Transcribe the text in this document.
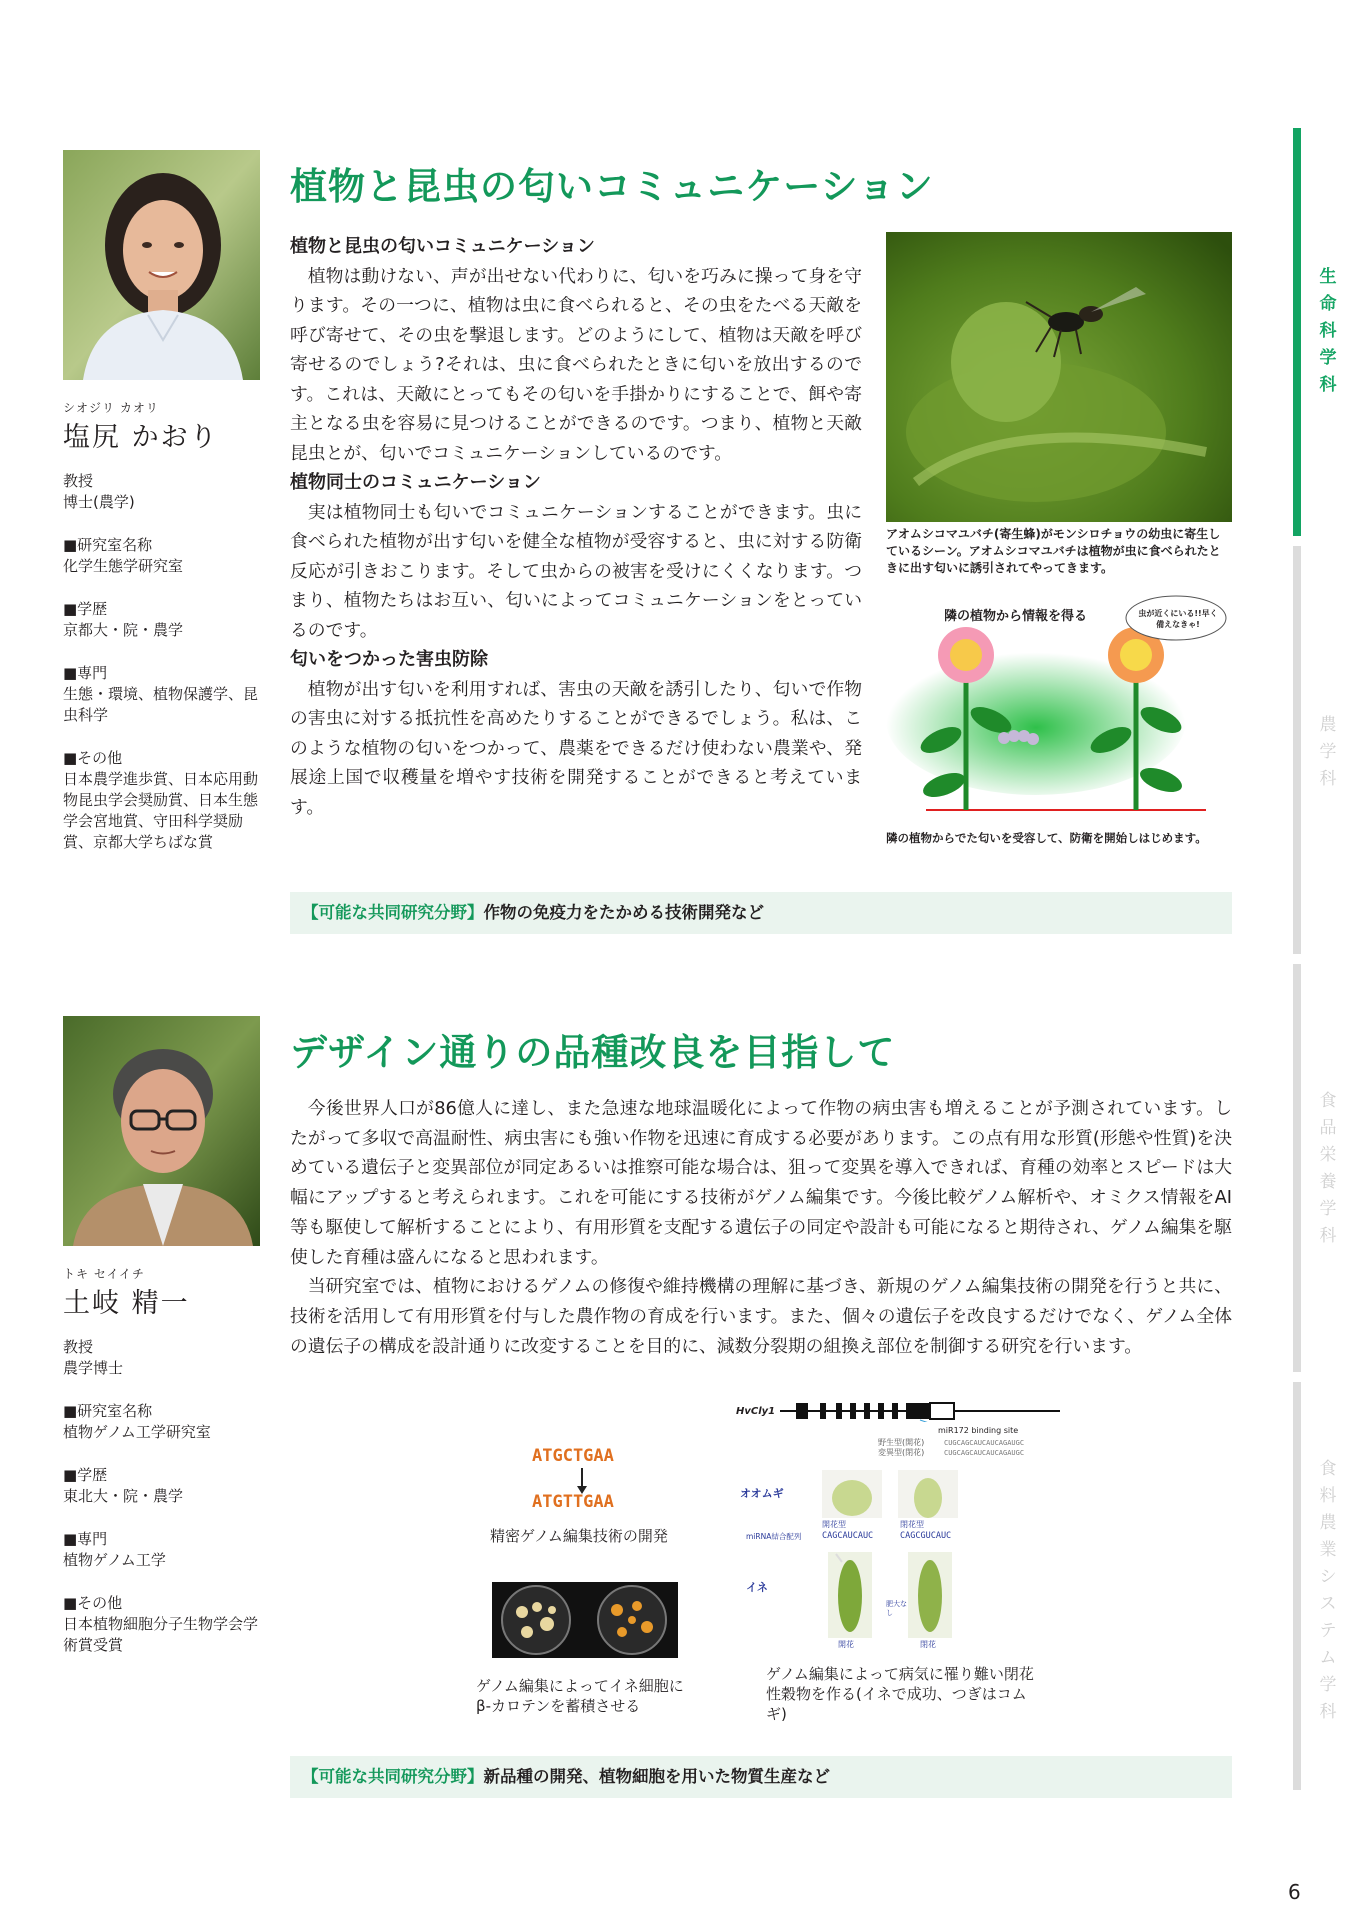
生命科学科
農学科
食品栄養学科
食料農業システム学科
シオジリ カオリ
塩尻 かおり
教授
博士(農学)
■研究室名称
化学生態学研究室
■学歴
京都大・院・農学
■専門
生態・環境、植物保護学、昆虫科学
■その他
日本農学進歩賞、日本応用動物昆虫学会奨励賞、日本生態学会宮地賞、守田科学奨励賞、京都大学ちばな賞
植物と昆虫の匂いコミュニケーション
植物と昆虫の匂いコミュニケーション

植物は動けない、声が出せない代わりに、匂いを巧みに操って身を守ります。その一つに、植物は虫に食べられると、その虫をたべる天敵を呼び寄せて、その虫を撃退します。どのようにして、植物は天敵を呼び寄せるのでしょう?それは、虫に食べられたときに匂いを放出するのです。これは、天敵にとってもその匂いを手掛かりにすることで、餌や寄主となる虫を容易に見つけることができるのです。つまり、植物と天敵昆虫とが、匂いでコミュニケーションしているのです。

植物同士のコミュニケーション

実は植物同士も匂いでコミュニケーションすることができます。虫に食べられた植物が出す匂いを健全な植物が受容すると、虫に対する防衛反応が引きおこります。そして虫からの被害を受けにくくなります。つまり、植物たちはお互い、匂いによってコミュニケーションをとっているのです。

匂いをつかった害虫防除

植物が出す匂いを利用すれば、害虫の天敵を誘引したり、匂いで作物の害虫に対する抵抗性を高めたりすることができるでしょう。私は、このような植物の匂いをつかって、農薬をできるだけ使わない農業や、発展途上国で収穫量を増やす技術を開発することができると考えています。

アオムシコマユバチ(寄生蜂)がモンシロチョウの幼虫に寄生しているシーン。アオムシコマユバチは植物が虫に食べられたときに出す匂いに誘引されてやってきます。
隣の植物から情報を得る	虫が近くにいる!!早く備えなきゃ!
隣の植物からでた匂いを受容して、防衛を開始しはじめます。
【可能な共同研究分野】作物の免疫力をたかめる技術開発など
トキ セイイチ
土岐 精一
教授
農学博士
■研究室名称
植物ゲノム工学研究室
■学歴
東北大・院・農学
■専門
植物ゲノム工学
■その他
日本植物細胞分子生物学会学術賞受賞
デザイン通りの品種改良を目指して

今後世界人口が86億人に達し、また急速な地球温暖化によって作物の病虫害も増えることが予測されています。したがって多収で高温耐性、病虫害にも強い作物を迅速に育成する必要があります。この点有用な形質(形態や性質)を決めている遺伝子と変異部位が同定あるいは推察可能な場合は、狙って変異を導入できれば、育種の効率とスピードは大幅にアップすると考えられます。これを可能にする技術がゲノム編集です。今後比較ゲノム解析や、オミクス情報をAI等も駆使して解析することにより、有用形質を支配する遺伝子の同定や設計も可能になると期待され、ゲノム編集を駆使した育種は盛んになると思われます。

当研究室では、植物におけるゲノムの修復や維持機構の理解に基づき、新規のゲノム編集技術の開発を行うと共に、技術を活用して有用形質を付与した農作物の育成を行います。また、個々の遺伝子を改良するだけでなく、ゲノム全体の遺伝子の構成を設計通りに改変することを目的に、減数分裂期の組換え部位を制御する研究を行います。

ATGCTGAA
ATGTTGAA
精密ゲノム編集技術の開発
ゲノム編集によってイネ細胞にβ-カロテンを蓄積させる
HvCly1
miR172 binding site
野生型(開花)
変異型(閉花)
CUGCAGCAUCAUCAGAUGC
CUGCAGCAUCAUCAGAUGC
オオムギ
miRNA結合配列
開花型	閉花型
CAGCAUCAUC	CAGCGUCAUC
イネ
肥大なし
開花	閉花
ゲノム編集によって病気に罹り難い閉花性穀物を作る(イネで成功、つぎはコムギ)
【可能な共同研究分野】新品種の開発、植物細胞を用いた物質生産など
6
